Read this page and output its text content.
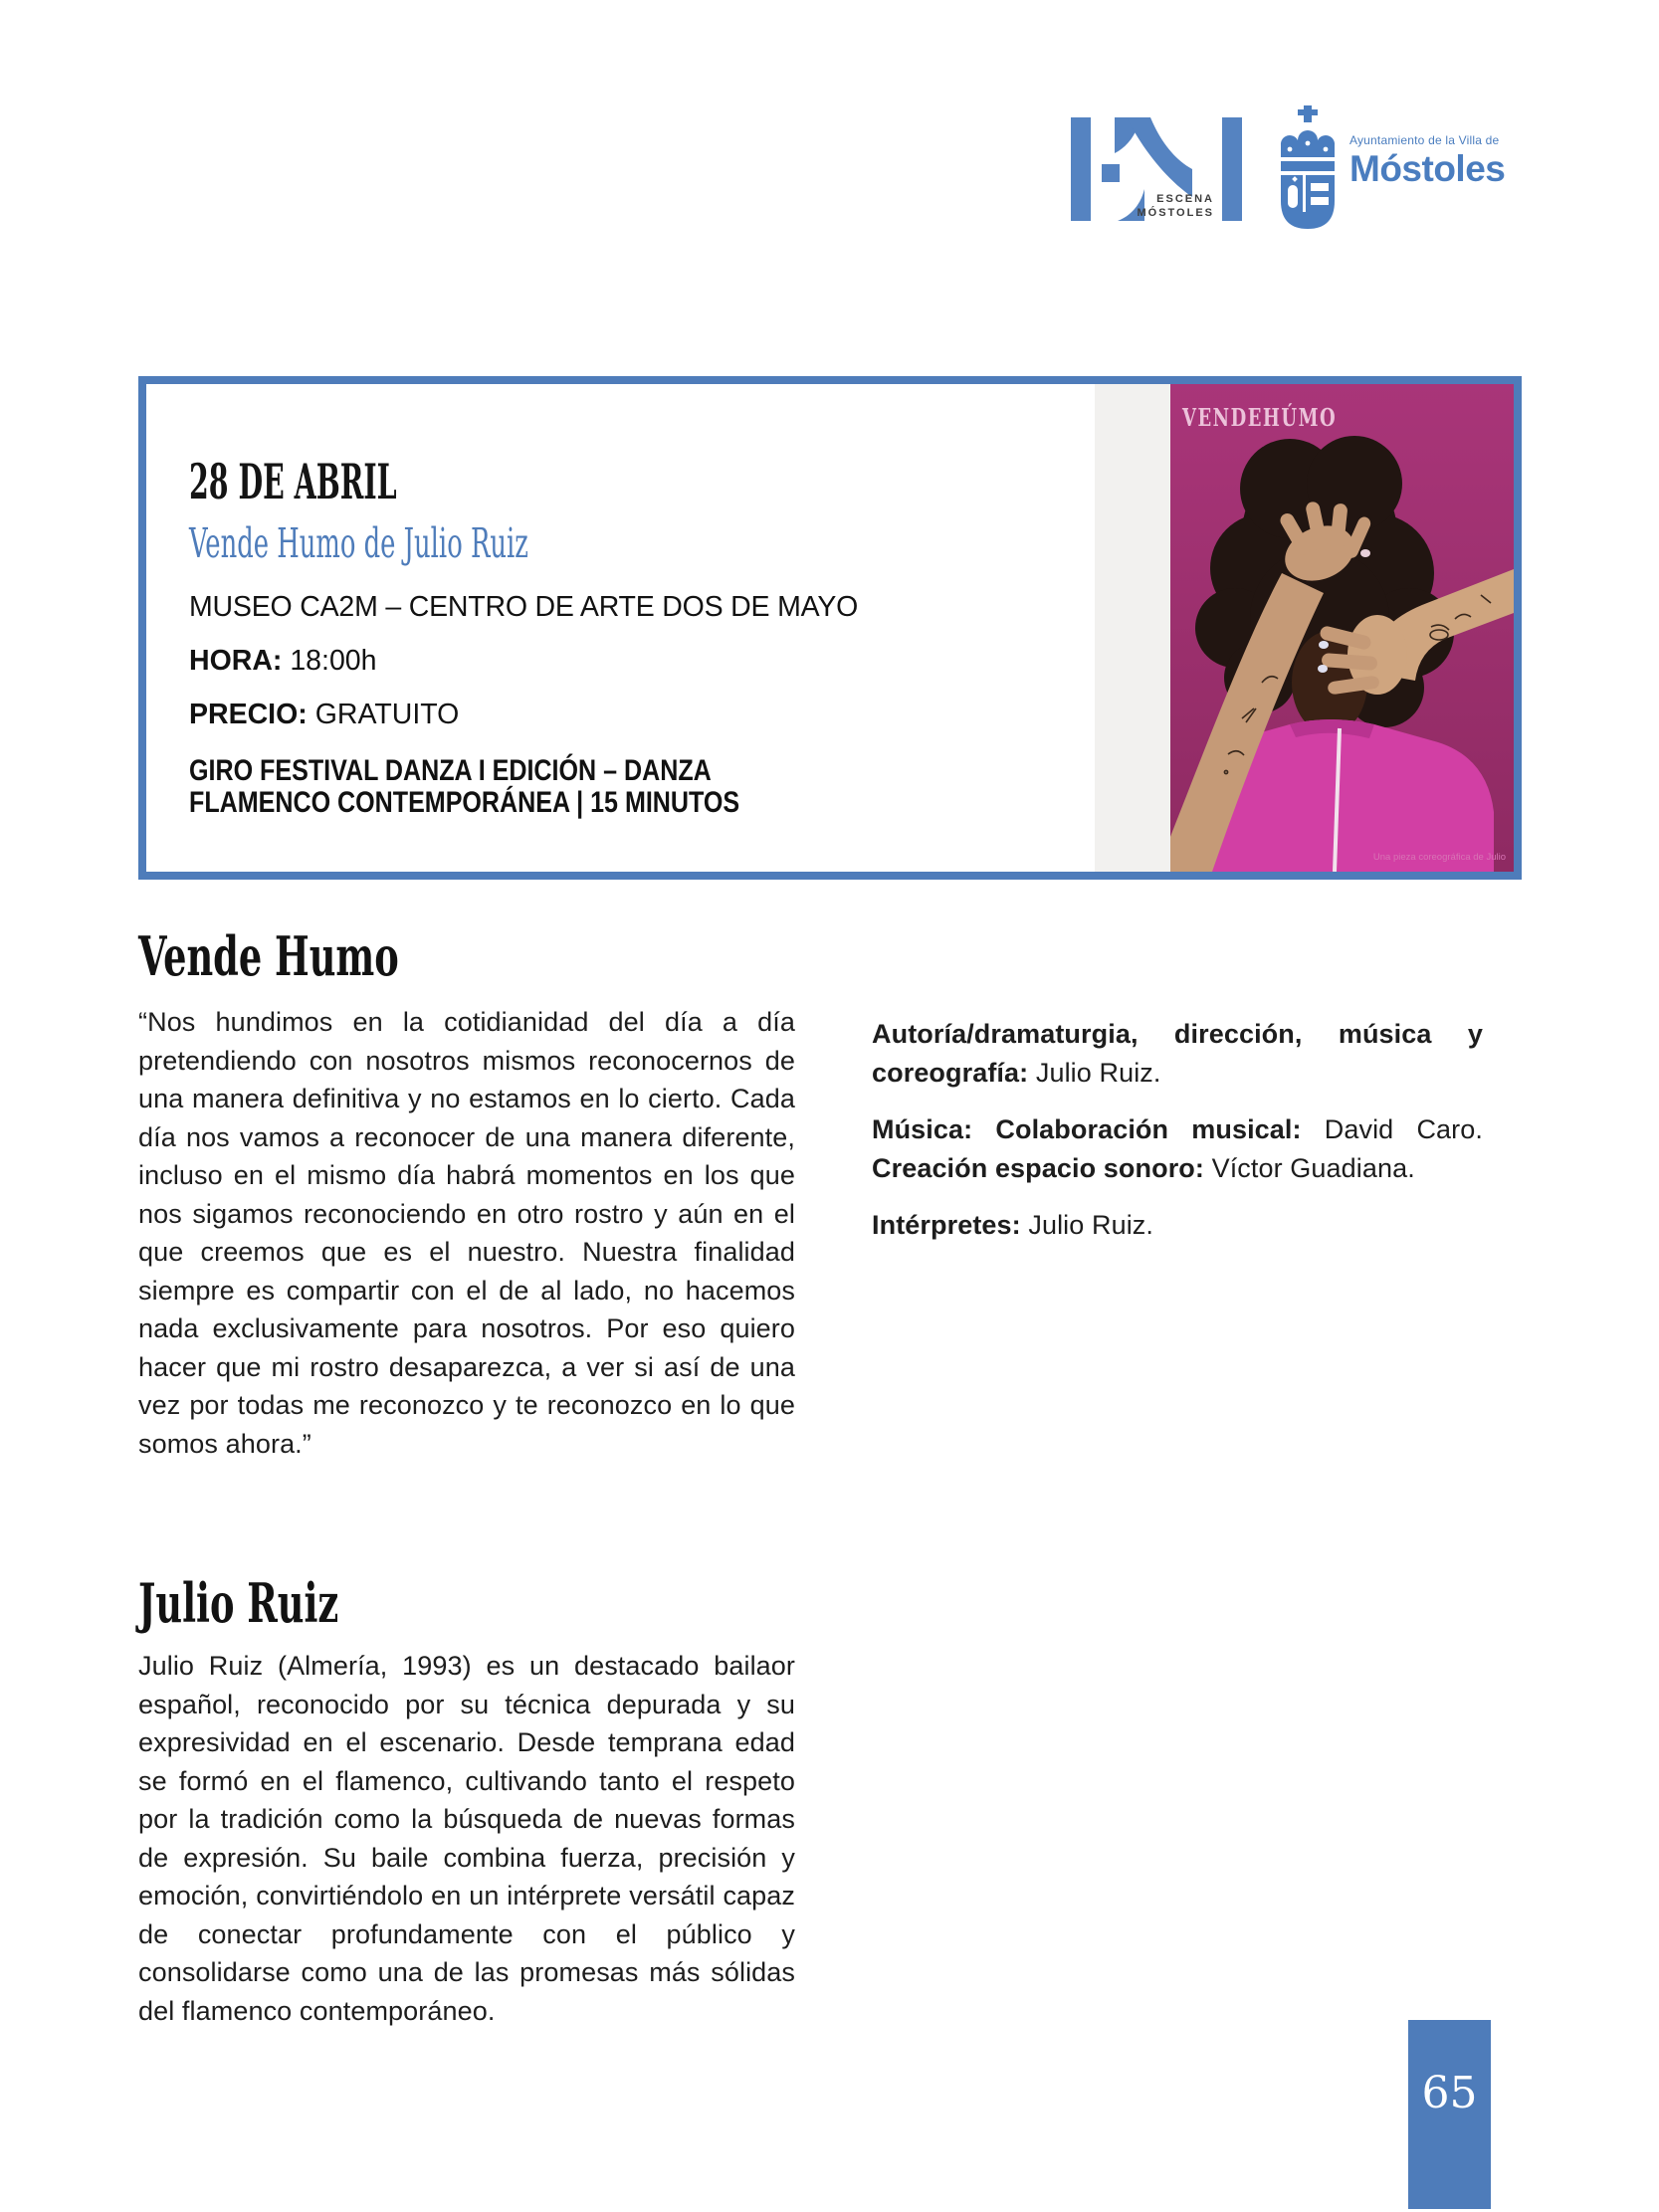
ESCENA
MÓSTOLES
Ayuntamiento de la Villa de
Móstoles
28 DE ABRIL
Vende Humo de Julio Ruiz
MUSEO CA2M – CENTRO DE ARTE DOS DE MAYO
HORA: 18:00h
PRECIO: GRATUITO
GIRO FESTIVAL DANZA I EDICIÓN – DANZA
FLAMENCO CONTEMPORÁNEA | 15 MINUTOS
VENDEHÚMO
Una pieza coreográfica de Julio
Vende Humo
“Nos hundimos en la cotidianidad del día a día pretendiendo con nosotros mismos reconocernos de una manera definitiva y no estamos en lo cierto. Cada día nos vamos a reconocer de una manera diferente, incluso en el mismo día habrá momentos en los que nos sigamos reconociendo en otro rostro y aún en el que creemos que es el nuestro. Nuestra finalidad siempre es compartir con el de al lado, no hacemos nada exclusivamente para nosotros. Por eso quiero hacer que mi rostro desaparezca, a ver si así de una vez por todas me reconozco y te reconozco en lo que somos ahora.”

Autoría/dramaturgia, dirección, música y coreografía: Julio Ruiz.

Música: Colaboración musical: David Caro. Creación espacio sonoro: Víctor Guadiana.

Intérpretes: Julio Ruiz.

Julio Ruiz
Julio Ruiz (Almería, 1993) es un destacado bailaor español, reconocido por su técnica depurada y su expresividad en el escenario. Desde temprana edad se formó en el flamenco, cultivando tanto el respeto por la tradición como la búsqueda de nuevas formas de expresión. Su baile combina fuerza, precisión y emoción, convirtiéndolo en un intérprete versátil capaz de conectar profundamente con el público y consolidarse como una de las promesas más sólidas del flamenco contemporáneo.
65
